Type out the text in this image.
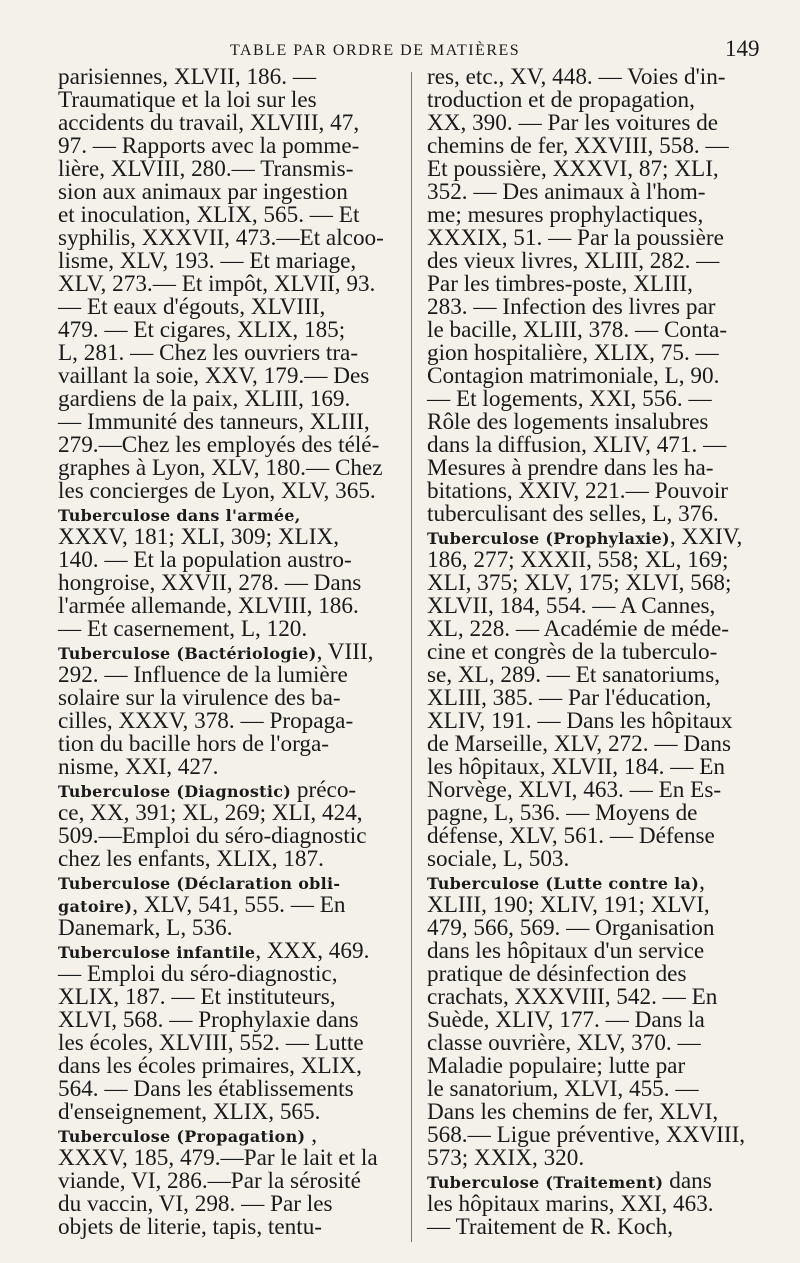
TABLE PAR ORDRE DE MATIÈRES	149
parisiennes, XLVII, 186. —
Traumatique et la loi sur les
accidents du travail, XLVIII, 47,
97. — Rapports avec la pomme-
lière, XLVIII, 280.— Transmis-
sion aux animaux par ingestion
et inoculation, XLIX, 565. — Et
syphilis, XXXVII, 473.—Et alcoo-
lisme, XLV, 193. — Et mariage,
XLV, 273.— Et impôt, XLVII, 93.
— Et eaux d'égouts, XLVIII,
479. — Et cigares, XLIX, 185;
L, 281. — Chez les ouvriers tra-
vaillant la soie, XXV, 179.— Des
gardiens de la paix, XLIII, 169.
— Immunité des tanneurs, XLIII,
279.—Chez les employés des télé-
graphes à Lyon, XLV, 180.— Chez
les concierges de Lyon, XLV, 365.
Tuberculose dans l'armée,
XXXV, 181; XLI, 309; XLIX,
140. — Et la population austro-
hongroise, XXVII, 278. — Dans
l'armée allemande, XLVIII, 186.
— Et casernement, L, 120.
Tuberculose (Bactériologie), VIII,
292. — Influence de la lumière
solaire sur la virulence des ba-
cilles, XXXV, 378. — Propaga-
tion du bacille hors de l'orga-
nisme, XXI, 427.
Tuberculose (Diagnostic) préco-
ce, XX, 391; XL, 269; XLI, 424,
509.—Emploi du séro-diagnostic
chez les enfants, XLIX, 187.
Tuberculose (Déclaration obli-
gatoire), XLV, 541, 555. — En
Danemark, L, 536.
Tuberculose infantile, XXX, 469.
— Emploi du séro-diagnostic,
XLIX, 187. — Et instituteurs,
XLVI, 568. — Prophylaxie dans
les écoles, XLVIII, 552. — Lutte
dans les écoles primaires, XLIX,
564. — Dans les établissements
d'enseignement, XLIX, 565.
Tuberculose (Propagation) ,
XXXV, 185, 479.—Par le lait et la
viande, VI, 286.—Par la sérosité
du vaccin, VI, 298. — Par les
objets de literie, tapis, tentu-
res, etc., XV, 448. — Voies d'in-
troduction et de propagation,
XX, 390. — Par les voitures de
chemins de fer, XXVIII, 558. —
Et poussière, XXXVI, 87; XLI,
352. — Des animaux à l'hom-
me; mesures prophylactiques,
XXXIX, 51. — Par la poussière
des vieux livres, XLIII, 282. —
Par les timbres-poste, XLIII,
283. — Infection des livres par
le bacille, XLIII, 378. — Conta-
gion hospitalière, XLIX, 75. —
Contagion matrimoniale, L, 90.
— Et logements, XXI, 556. —
Rôle des logements insalubres
dans la diffusion, XLIV, 471. —
Mesures à prendre dans les ha-
bitations, XXIV, 221.— Pouvoir
tuberculisant des selles, L, 376.
Tuberculose (Prophylaxie), XXIV,
186, 277; XXXII, 558; XL, 169;
XLI, 375; XLV, 175; XLVI, 568;
XLVII, 184, 554. — A Cannes,
XL, 228. — Académie de méde-
cine et congrès de la tuberculo-
se, XL, 289. — Et sanatoriums,
XLIII, 385. — Par l'éducation,
XLIV, 191. — Dans les hôpitaux
de Marseille, XLV, 272. — Dans
les hôpitaux, XLVII, 184. — En
Norvège, XLVI, 463. — En Es-
pagne, L, 536. — Moyens de
défense, XLV, 561. — Défense
sociale, L, 503.
Tuberculose (Lutte contre la),
XLIII, 190; XLIV, 191; XLVI,
479, 566, 569. — Organisation
dans les hôpitaux d'un service
pratique de désinfection des
crachats, XXXVIII, 542. — En
Suède, XLIV, 177. — Dans la
classe ouvrière, XLV, 370. —
Maladie populaire; lutte par
le sanatorium, XLVI, 455. —
Dans les chemins de fer, XLVI,
568.— Ligue préventive, XXVIII,
573; XXIX, 320.
Tuberculose (Traitement) dans
les hôpitaux marins, XXI, 463.
— Traitement de R. Koch,
